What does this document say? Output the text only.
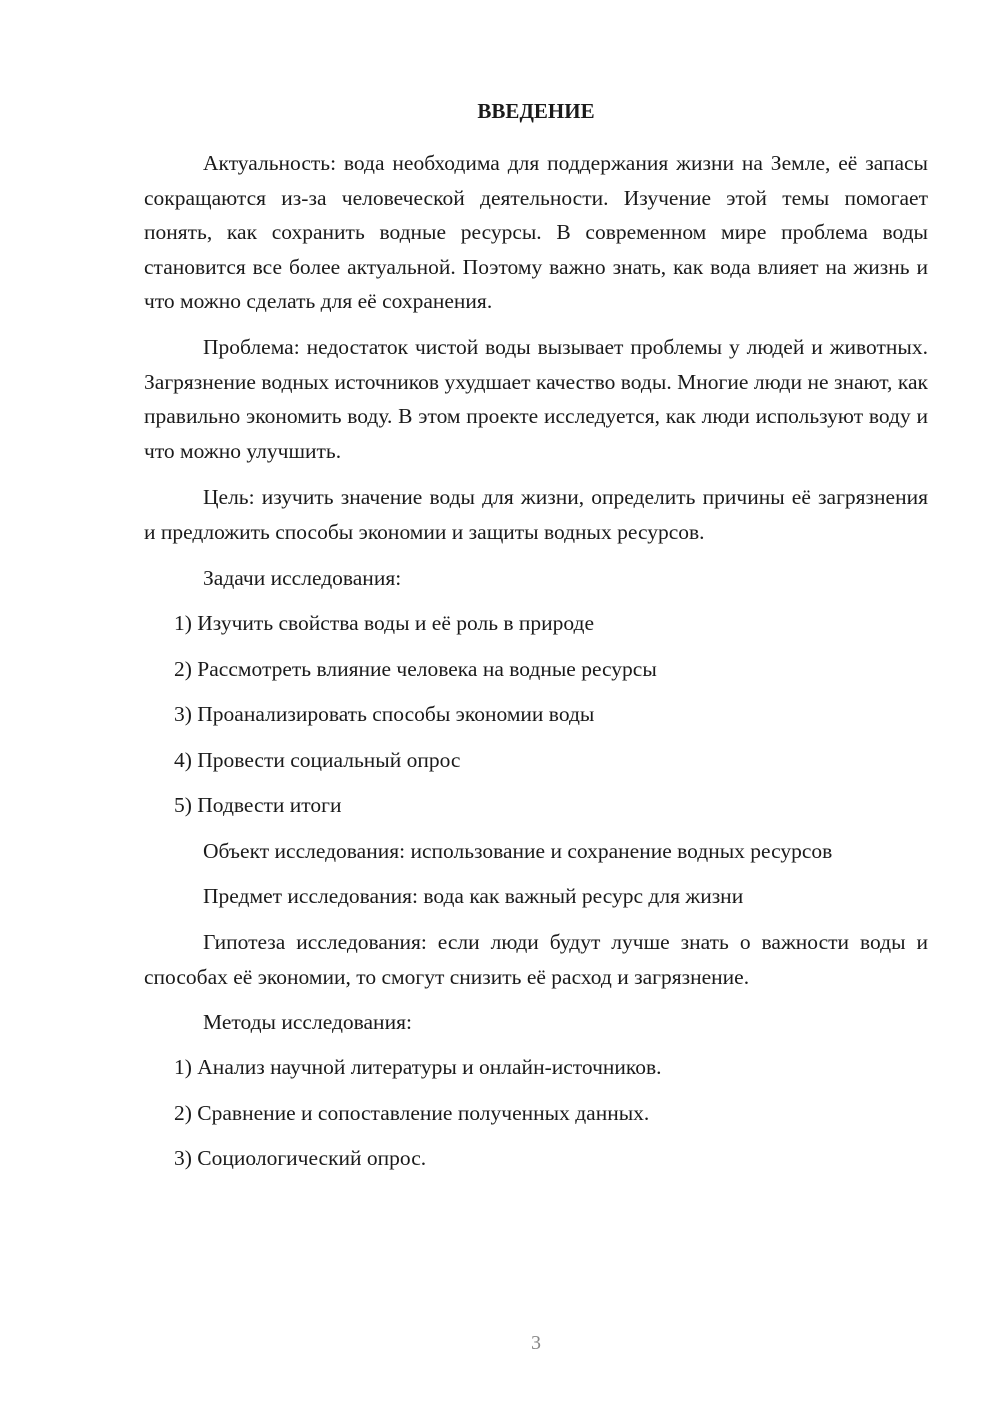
ВВЕДЕНИЕ

Актуальность: вода необходима для поддержания жизни на Земле, её запасы сокращаются из-за человеческой деятельности. Изучение этой темы помогает понять, как сохранить водные ресурсы. В современном мире проблема воды становится все более актуальной. Поэтому важно знать, как вода влияет на жизнь и что можно сделать для её сохранения.

Проблема: недостаток чистой воды вызывает проблемы у людей и животных. Загрязнение водных источников ухудшает качество воды. Многие люди не знают, как правильно экономить воду. В этом проекте исследуется, как люди используют воду и что можно улучшить.

Цель: изучить значение воды для жизни, определить причины её загрязнения и предложить способы экономии и защиты водных ресурсов.

Задачи исследования:
1) Изучить свойства воды и её роль в природе
2) Рассмотреть влияние человека на водные ресурсы
3) Проанализировать способы экономии воды
4) Провести социальный опрос
5) Подвести итоги
Объект исследования: использование и сохранение водных ресурсов
Предмет исследования: вода как важный ресурс для жизни

Гипотеза исследования: если люди будут лучше знать о важности воды и способах её экономии, то смогут снизить её расход и загрязнение.

Методы исследования:
1) Анализ научной литературы и онлайн-источников.
2) Сравнение и сопоставление полученных данных.
3) Социологический опрос.
3
